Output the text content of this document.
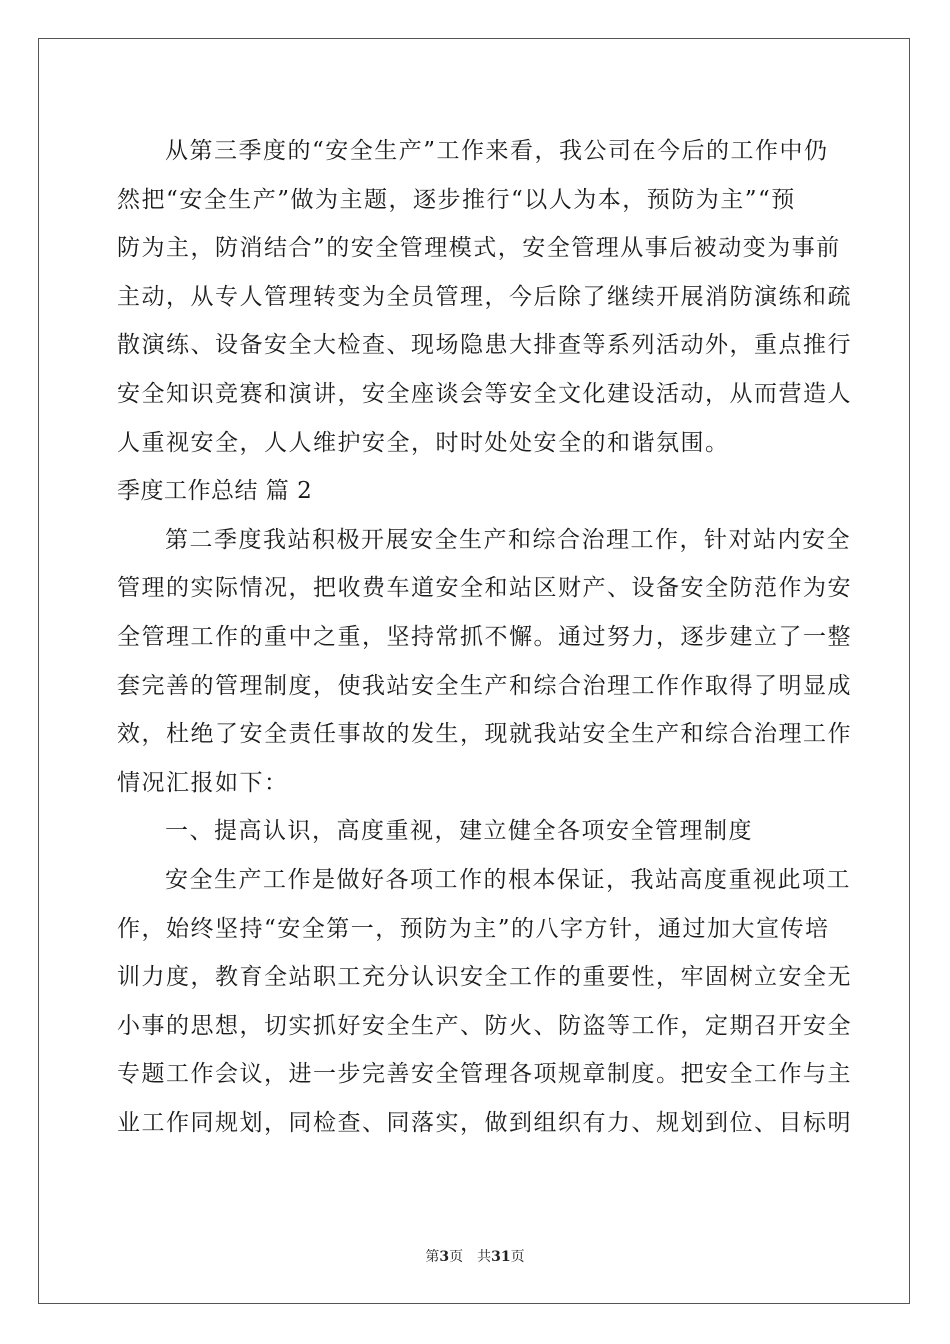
从第三季度的“安全生产”工作来看，我公司在今后的工作中仍
然把“安全生产”做为主题，逐步推行“以人为本，预防为主”“预
防为主，防消结合”的安全管理模式，安全管理从事后被动变为事前
主动，从专人管理转变为全员管理，今后除了继续开展消防演练和疏
散演练、设备安全大检查、现场隐患大排查等系列活动外，重点推行
安全知识竞赛和演讲，安全座谈会等安全文化建设活动，从而营造人
人重视安全，人人维护安全，时时处处安全的和谐氛围。
季度工作总结 篇 2
第二季度我站积极开展安全生产和综合治理工作，针对站内安全
管理的实际情况，把收费车道安全和站区财产、设备安全防范作为安
全管理工作的重中之重，坚持常抓不懈。通过努力，逐步建立了一整
套完善的管理制度，使我站安全生产和综合治理工作作取得了明显成
效，杜绝了安全责任事故的发生，现就我站安全生产和综合治理工作
情况汇报如下：
一、提高认识，高度重视，建立健全各项安全管理制度
安全生产工作是做好各项工作的根本保证，我站高度重视此项工
作，始终坚持“安全第一，预防为主”的八字方针，通过加大宣传培
训力度，教育全站职工充分认识安全工作的重要性，牢固树立安全无
小事的思想，切实抓好安全生产、防火、防盗等工作，定期召开安全
专题工作会议，进一步完善安全管理各项规章制度。把安全工作与主
业工作同规划，同检查、同落实，做到组织有力、规划到位、目标明
第3页 共31页
